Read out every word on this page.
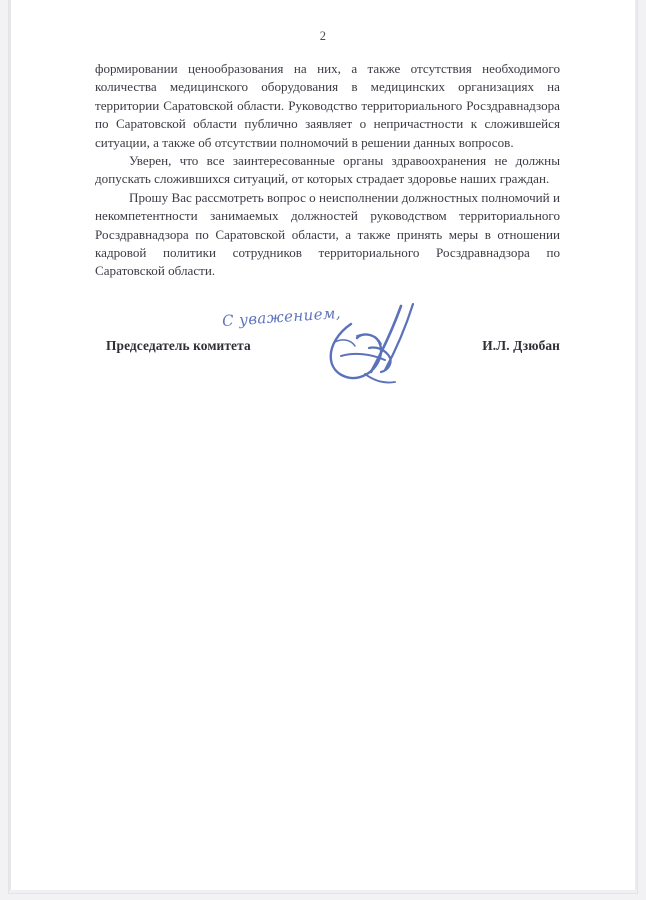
2

формировании ценообразования на них, а также отсутствия необходимого количества медицинского оборудования в медицинских организациях на территории Саратовской области. Руководство территориального Росздравнадзора по Саратовской области публично заявляет о непричастности к сложившейся ситуации, а также об отсутствии полномочий в решении данных вопросов.

Уверен, что все заинтересованные органы здравоохранения не должны допускать сложившихся ситуаций, от которых страдает здоровье наших граждан.

Прошу Вас рассмотреть вопрос о неисполнении должностных полномочий и некомпетентности занимаемых должностей руководством территориального Росздравнадзора по Саратовской области, а также принять меры в отношении кадровой политики сотрудников территориального Росздравнадзора по Саратовской области.

С уважением,
Председатель комитета	И.Л. Дзюбан
